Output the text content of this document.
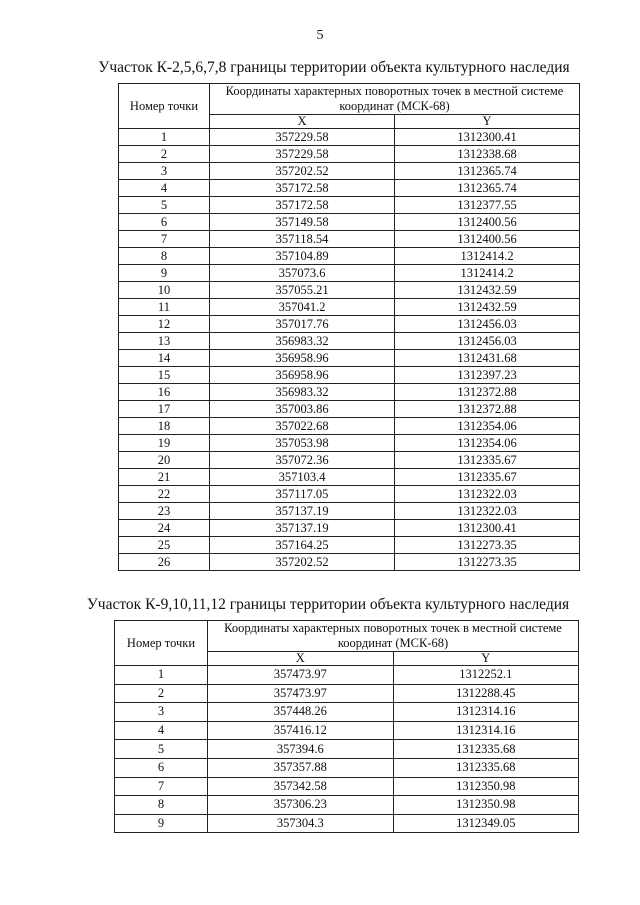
5
Участок К-2,5,6,7,8 границы территории объекта культурного наследия
Номер точки	Координаты характерных поворотных точек в местной системе координат (МСК-68)	
	X	Y
1	357229.58	1312300.41
2	357229.58	1312338.68
3	357202.52	1312365.74
4	357172.58	1312365.74
5	357172.58	1312377.55
6	357149.58	1312400.56
7	357118.54	1312400.56
8	357104.89	1312414.2
9	357073.6	1312414.2
10	357055.21	1312432.59
11	357041.2	1312432.59
12	357017.76	1312456.03
13	356983.32	1312456.03
14	356958.96	1312431.68
15	356958.96	1312397.23
16	356983.32	1312372.88
17	357003.86	1312372.88
18	357022.68	1312354.06
19	357053.98	1312354.06
20	357072.36	1312335.67
21	357103.4	1312335.67
22	357117.05	1312322.03
23	357137.19	1312322.03
24	357137.19	1312300.41
25	357164.25	1312273.35
26	357202.52	1312273.35
Участок К-9,10,11,12 границы территории объекта культурного наследия
Номер точки	Координаты характерных поворотных точек в местной системе координат (МСК-68)	
	X	Y
1	357473.97	1312252.1
2	357473.97	1312288.45
3	357448.26	1312314.16
4	357416.12	1312314.16
5	357394.6	1312335.68
6	357357.88	1312335.68
7	357342.58	1312350.98
8	357306.23	1312350.98
9	357304.3	1312349.05
